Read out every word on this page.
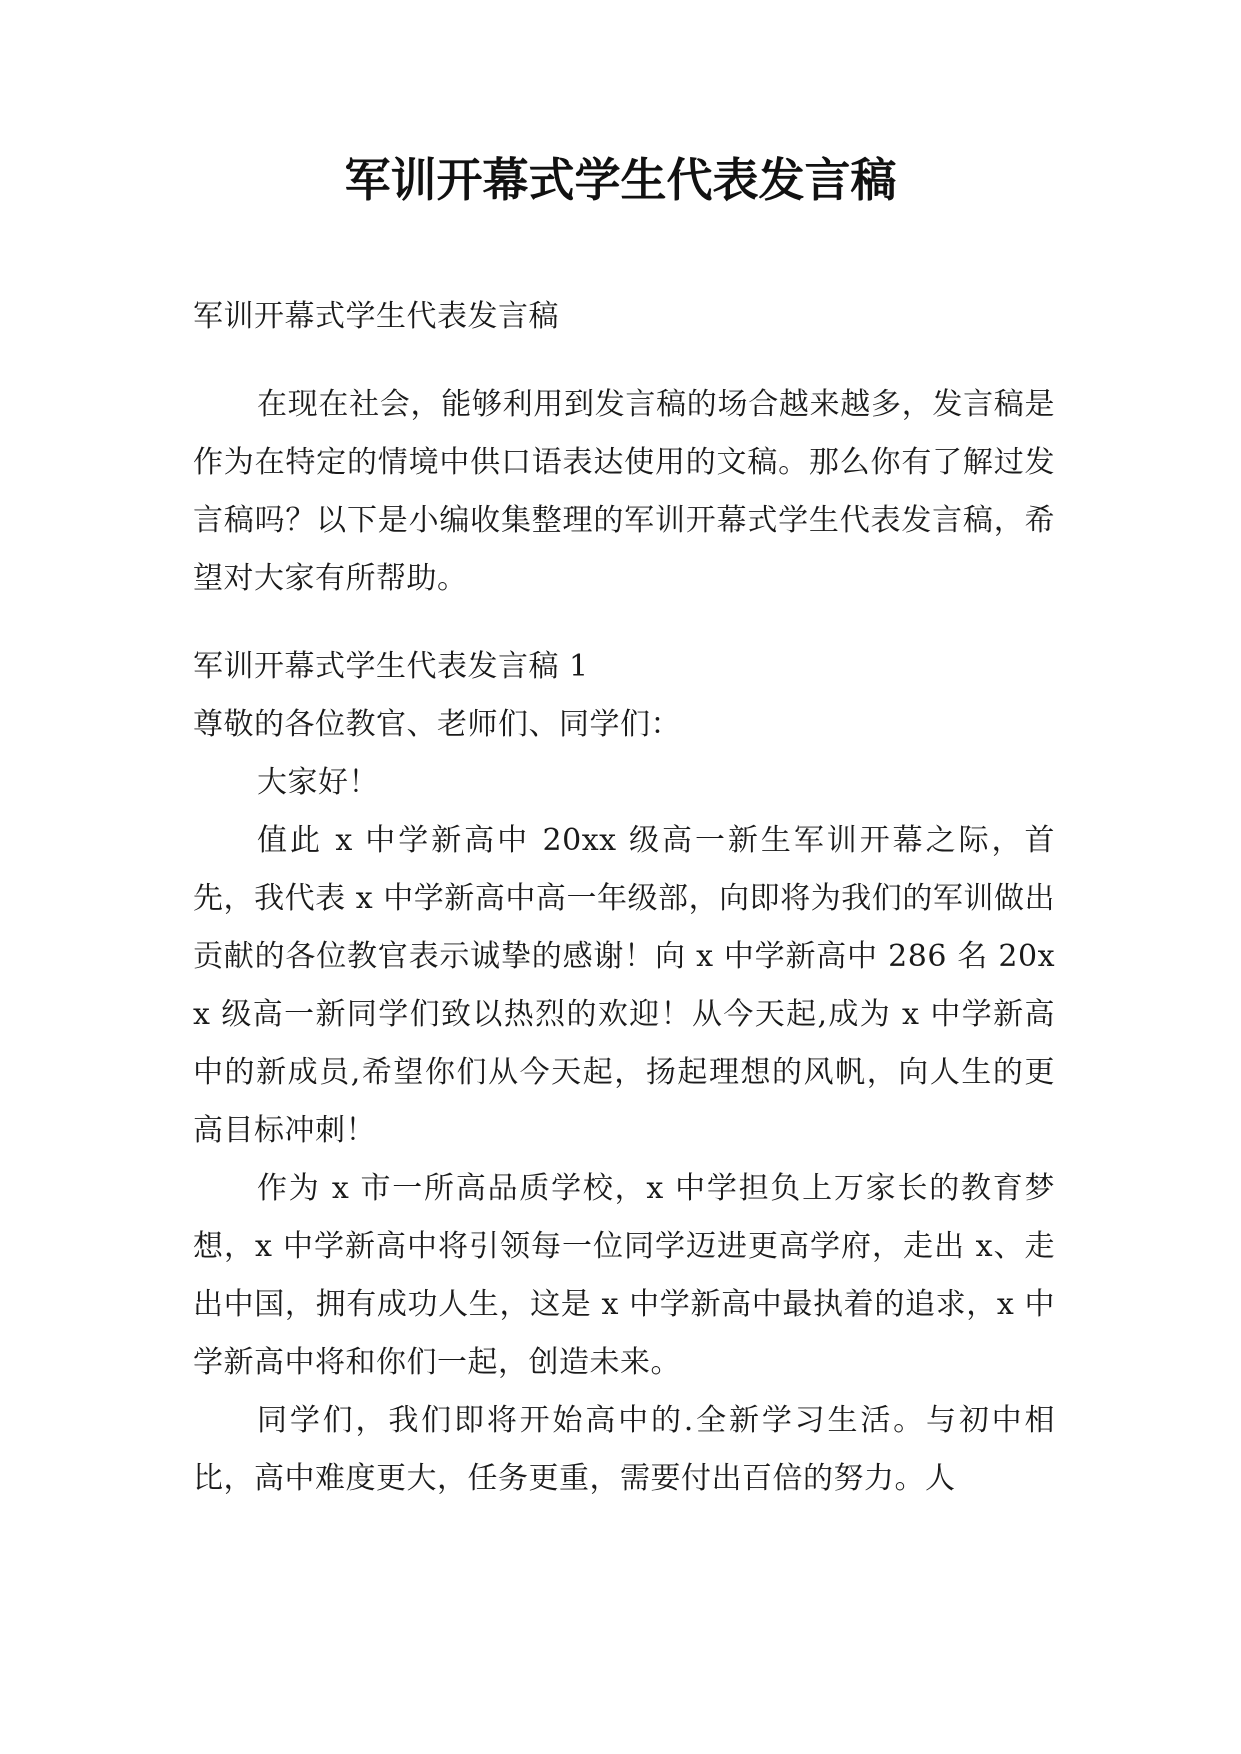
军训开幕式学生代表发言稿

军训开幕式学生代表发言稿

在现在社会，能够利用到发言稿的场合越来越多，发言稿是作为在特定的情境中供口语表达使用的文稿。那么你有了解过发言稿吗？以下是小编收集整理的军训开幕式学生代表发言稿，希望对大家有所帮助。

军训开幕式学生代表发言稿 1

尊敬的各位教官、老师们、同学们：

大家好！

值此 x 中学新高中 20xx 级高一新生军训开幕之际，首先，我代表 x 中学新高中高一年级部，向即将为我们的军训做出贡献的各位教官表示诚挚的感谢！向 x 中学新高中 286 名 20xx 级高一新同学们致以热烈的欢迎！从今天起,成为 x 中学新高中的新成员,希望你们从今天起，扬起理想的风帆，向人生的更高目标冲刺！

作为 x 市一所高品质学校，x 中学担负上万家长的教育梦想，x 中学新高中将引领每一位同学迈进更高学府，走出 x、走出中国，拥有成功人生，这是 x 中学新高中最执着的追求，x 中学新高中将和你们一起，创造未来。

同学们，我们即将开始高中的.全新学习生活。与初中相比，高中难度更大，任务更重，需要付出百倍的努力。人
